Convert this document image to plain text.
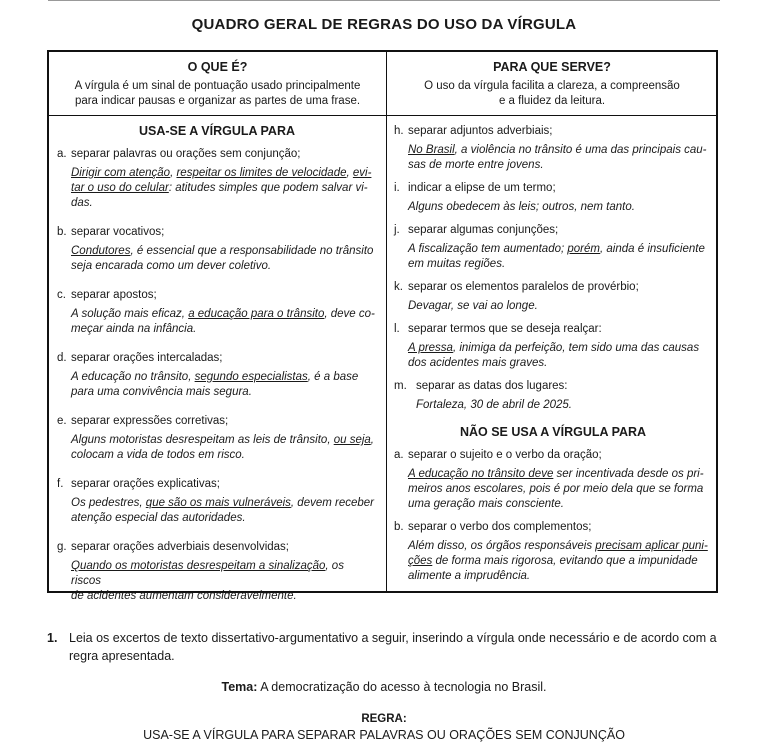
QUADRO GERAL DE REGRAS DO USO DA VÍRGULA
O QUE É?

A vírgula é um sinal de pontuação usado principalmente

para indicar pausas e organizar as partes de uma frase.

PARA QUE SERVE?

O uso da vírgula facilita a clareza, a compreensão

e a fluidez da leitura.

USA-SE A VÍRGULA PARA

a. separar palavras ou orações sem conjunção;

Dirigir com atenção, respeitar os limites de velocidade, evi-
tar o uso do celular: atitudes simples que podem salvar vi-
das.

b. separar vocativos;

Condutores, é essencial que a responsabilidade no trânsito
seja encarada como um dever coletivo.

c. separar apostos;

A solução mais eficaz, a educação para o trânsito, deve co-
meçar ainda na infância.

d. separar orações intercaladas;

A educação no trânsito, segundo especialistas, é a base
para uma convivência mais segura.

e. separar expressões corretivas;

Alguns motoristas desrespeitam as leis de trânsito, ou seja,
colocam a vida de todos em risco.

f. separar orações explicativas;

Os pedestres, que são os mais vulneráveis, devem receber
atenção especial das autoridades.

g. separar orações adverbiais desenvolvidas;

Quando os motoristas desrespeitam a sinalização, os riscos
de acidentes aumentam consideravelmente.

h. separar adjuntos adverbiais;

No Brasil, a violência no trânsito é uma das principais cau-
sas de morte entre jovens.

i. indicar a elipse de um termo;

Alguns obedecem às leis; outros, nem tanto.

j. separar algumas conjunções;

A fiscalização tem aumentado; porém, ainda é insuficiente
em muitas regiões.

k. separar os elementos paralelos de provérbio;

Devagar, se vai ao longe.

l. separar termos que se deseja realçar:

A pressa, inimiga da perfeição, tem sido uma das causas
dos acidentes mais graves.

m. separar as datas dos lugares:

Fortaleza, 30 de abril de 2025.
NÃO SE USA A VÍRGULA PARA

a. separar o sujeito e o verbo da oração;

A educação no trânsito deve ser incentivada desde os pri-
meiros anos escolares, pois é por meio dela que se forma
uma geração mais consciente.

b. separar o verbo dos complementos;

Além disso, os órgãos responsáveis precisam aplicar puni-
ções de forma mais rigorosa, evitando que a impunidade
alimente a imprudência.
1. Leia os excertos de texto dissertativo-argumentativo a seguir, inserindo a vírgula onde necessário e de acordo com a regra apresentada.
Tema: A democratização do acesso à tecnologia no Brasil.
REGRA:
USA-SE A VÍRGULA PARA SEPARAR PALAVRAS OU ORAÇÕES SEM CONJUNÇÃO
